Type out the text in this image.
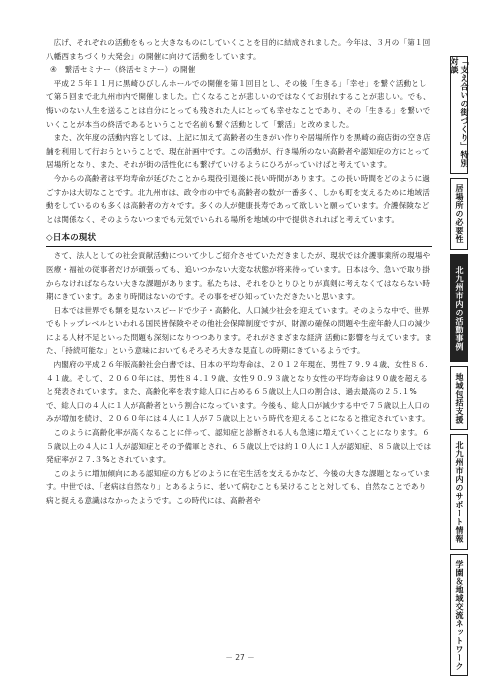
広げ、それぞれの活動をもっと大きなものにしていくことを目的に結成されました。今年は、３月の「第１回八幡西まちづくり大発会」の開催に向けて活動をしています。

④　繋活セミナー（終活セミナー）の開催

平成２５年１１月に黒崎ひびしんホールでの開催を第１回目とし、その後「生きる」「幸せ」を繋ぐ活動として第５回まで北九州市内で開催しました。亡くなることが悲しいのではなくてお別れすることが悲しい。でも、悔いのない人生を送ることは自分にとっても残された人にとっても幸せなことであり、その「生きる」を繋いでいくことが本当の終活であるということで名前も繋ぐ活動として「繋活」と改めました。

また、次年度の活動内容としては、上記に加えて高齢者の生きがい作りや居場所作りを黒崎の商店街の空き店舗を利用して行おうということで、現在計画中です。この活動が、行き場所のない高齢者や認知症の方にとって居場所となり、また、それが街の活性化にも繋げていけるようにひろがっていけばと考えています。

今からの高齢者は平均寿命が延びたことから現役引退後に長い時間があります。この長い時間をどのように過ごすかは大切なことです。北九州市は、政令市の中でも高齢者の数が一番多く、しかも町を支えるために地域活動をしているのも多くは高齢者の方々です。多くの人が健康長寿であって欲しいと願っています。介護保険などとは関係なく、そのようないつまでも元気でいられる場所を地域の中で提供されればと考えています。

◇日本の現状

さて、法人としての社会貢献活動について少しご紹介させていただきましたが、現状では介護事業所の現場や医療・福祉の従事者だけが頑張っても、追いつかない大変な状態が将来待っています。日本は今、急いで取り掛からなければならない大きな課題があります。私たちは、それをひとりひとりが真剣に考えなくてはならない時期にきています。あまり時間はないのです。その事をぜひ知っていただきたいと思います。

日本では世界でも類を見ないスピードで少子・高齢化、人口減少社会を迎えています。そのような中で、世界でもトップレベルといわれる国民皆保険やその他社会保障制度ですが、財源の確保の問題や生産年齢人口の減少による人材不足といった問題も深刻になりつつあります。それがさまざまな経済 活動に影響を与えています。また、「持続可能な」という意味においてもそろそろ大きな見直しの時期にきているようです。

内閣府の平成２６年版高齢社会白書では、日本の平均寿命は、２０１２年現在、男性７９.９４歳、女性８６.４１歳。そして、２０６０年には、男性８４.１９歳、女性９０.９３歳となり女性の平均寿命は９０歳を超えると発表されています。また、高齢化率を表す総人口に占める６５歳以上人口の割合は、過去最高の２５.１%で、総人口の４人に１人が高齢者という割合になっています。今後も、総人口が減少する中で７５歳以上人口のみが増加を続け、２０６０年には４人に１人が７５歳以上という時代を迎えることになると推定されています。

このように高齢化率が高くなることに伴って、認知症と診断される人も急速に増えていくことになります。６５歳以上の４人に１人が認知症とその予備軍とされ、６５歳以上では約１０人に１人が認知症、８５歳以上では発症率が２７.３%とされています。

このように増加傾向にある認知症の方もどのように在宅生活を支えるかなど、今後の大きな課題となっています。中世では、「老病は自然なり」とあるように、老いて病むことも呆けることと対しても、自然なことであり病と捉える意識はなかったようです。この時代には、高齢者や

「支え合いの街づくり」特別対談
居場所の必要性
北九州市内の活動事例
地域包括支援
北九州市内のサポート情報
学園＆地域交流ネットワーク
－ 27 －
